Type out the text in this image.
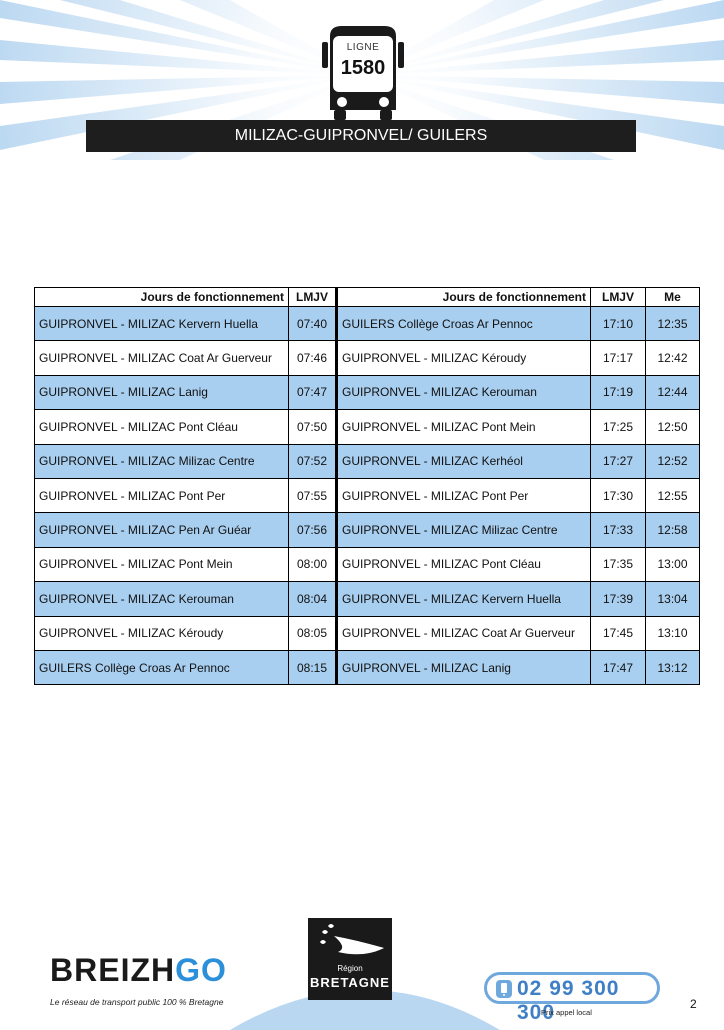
LIGNE
1580
MILIZAC-GUIPRONVEL/ GUILERS
Jours de fonctionnement	LMJV	Jours de fonctionnement	LMJV	Me
GUIPRONVEL - MILIZAC Kervern Huella	07:40	GUILERS Collège Croas Ar Pennoc	17:10	12:35
GUIPRONVEL - MILIZAC Coat Ar Guerveur	07:46	GUIPRONVEL - MILIZAC Kéroudy	17:17	12:42
GUIPRONVEL - MILIZAC Lanig	07:47	GUIPRONVEL - MILIZAC Kerouman	17:19	12:44
GUIPRONVEL - MILIZAC Pont Cléau	07:50	GUIPRONVEL - MILIZAC Pont Mein	17:25	12:50
GUIPRONVEL - MILIZAC Milizac Centre	07:52	GUIPRONVEL - MILIZAC Kerhéol	17:27	12:52
GUIPRONVEL - MILIZAC Pont Per	07:55	GUIPRONVEL - MILIZAC Pont Per	17:30	12:55
GUIPRONVEL - MILIZAC Pen Ar Guéar	07:56	GUIPRONVEL - MILIZAC Milizac Centre	17:33	12:58
GUIPRONVEL - MILIZAC Pont Mein	08:00	GUIPRONVEL - MILIZAC Pont Cléau	17:35	13:00
GUIPRONVEL - MILIZAC Kerouman	08:04	GUIPRONVEL - MILIZAC Kervern Huella	17:39	13:04
GUIPRONVEL - MILIZAC Kéroudy	08:05	GUIPRONVEL - MILIZAC Coat Ar Guerveur	17:45	13:10
GUILERS Collège Croas Ar Pennoc	08:15	GUIPRONVEL - MILIZAC Lanig	17:47	13:12
BREIZHGO
Le réseau de transport public 100 % Bretagne
Région
BRETAGNE	02 99 300 300
Prix appel local
2
